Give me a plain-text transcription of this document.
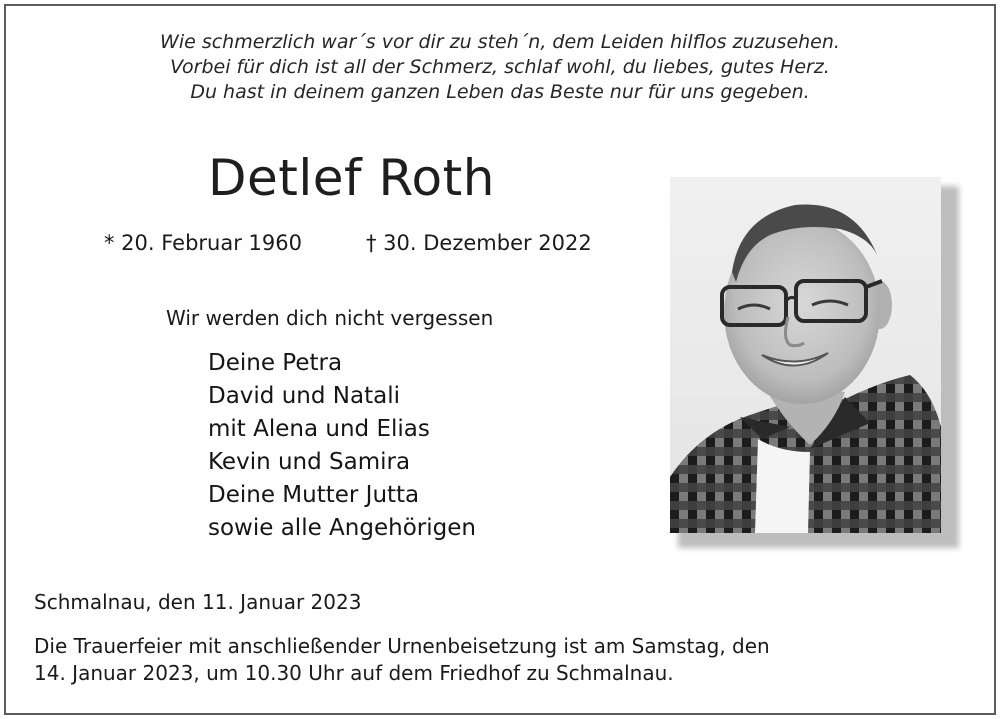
Wie schmerzlich war´s vor dir zu steh´n, dem Leiden hilflos zuzusehen.
Vorbei für dich ist all der Schmerz, schlaf wohl, du liebes, gutes Herz.
Du hast in deinem ganzen Leben das Beste nur für uns gegeben.
Detlef Roth
* 20. Februar 1960	† 30. Dezember 2022
Wir werden dich nicht vergessen
Deine Petra
David und Natali
mit Alena und Elias
Kevin und Samira
Deine Mutter Jutta
sowie alle Angehörigen
Schmalnau, den 11. Januar 2023
Die Trauerfeier mit anschließender Urnenbeisetzung ist am Samstag, den
14. Januar 2023, um 10.30 Uhr auf dem Friedhof zu Schmalnau.
